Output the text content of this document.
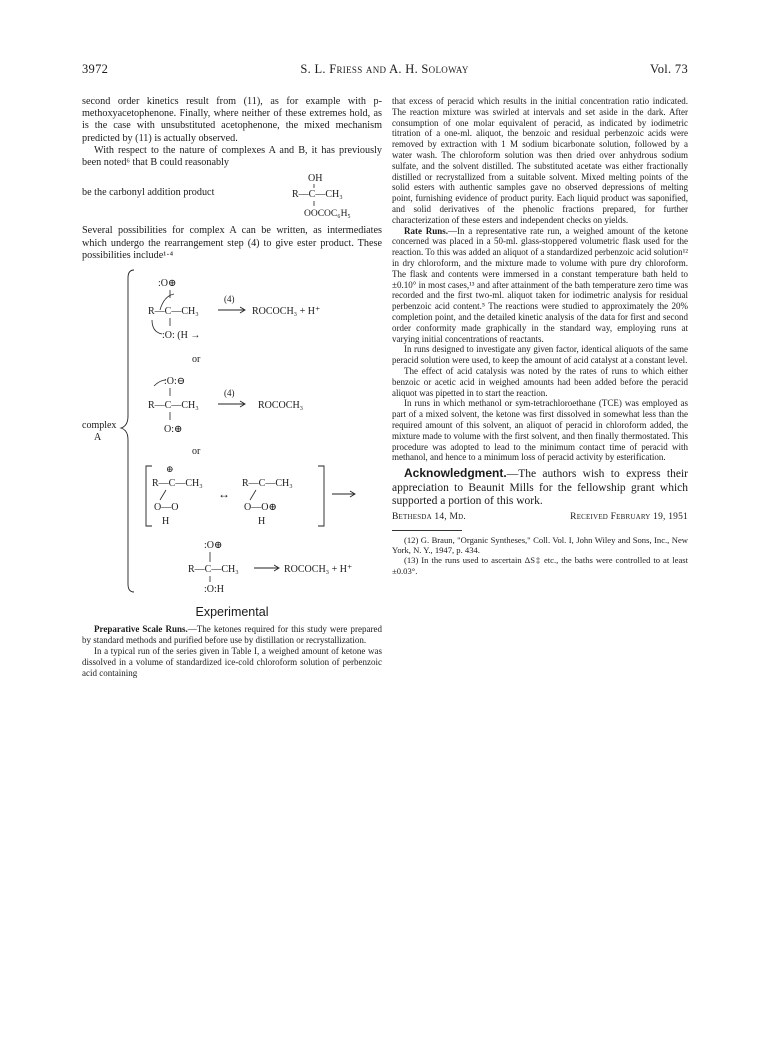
3972	S. L. Friess and A. H. Soloway	Vol. 73

second order kinetics result from (11), as for example with p-methoxyacetophenone. Finally, where neither of these extremes hold, as is the case with unsubstituted acetophenone, the mixed mechanism predicted by (11) is actually observed.

With respect to the nature of complexes A and B, it has previously been noted⁶ that B could reasonably

be the carbonyl addition product
OH
R—C—CH₃
OOCOC₆H₅

Several possibilities for complex A can be written, as intermediates which undergo the rearrangement step (4) to give ester product. These possibilities include¹·⁴

complex
A
:O⊕
R—C—CH₃
(4)
ROCOCH₃ + H⁺
:O: (H →
or
:O:⊖
R—C—CH₃
(4)
ROCOCH₃
O:⊕
or
⊕
R—C—CH₃
O—O
H
↔
R—C—CH₃
O—O⊕
H
:O⊕
R—C—CH₃	ROCOCH₃ + H⁺
:O:H
Experimental

Preparative Scale Runs.—The ketones required for this study were prepared by standard methods and purified before use by distillation or recrystallization.

In a typical run of the series given in Table I, a weighed amount of ketone was dissolved in a volume of standardized ice-cold chloroform solution of perbenzoic acid containing

that excess of peracid which results in the initial concentration ratio indicated. The reaction mixture was swirled at intervals and set aside in the dark. After consumption of one molar equivalent of peracid, as indicated by iodimetric titration of a one-ml. aliquot, the benzoic and residual perbenzoic acids were removed by extraction with 1 M sodium bicarbonate solution, followed by a water wash. The chloroform solution was then dried over anhydrous sodium sulfate, and the solvent distilled. The substituted acetate was either fractionally distilled or recrystallized from a suitable solvent. Mixed melting points of the solid esters with authentic samples gave no observed depressions of melting point, furnishing evidence of product purity. Each liquid product was saponified, and solid derivatives of the phenolic fractions prepared, for further characterization of these esters and independent checks on yields.

Rate Runs.—In a representative rate run, a weighed amount of the ketone concerned was placed in a 50-ml. glass-stoppered volumetric flask used for the reaction. To this was added an aliquot of a standardized perbenzoic acid solution¹² in dry chloroform, and the mixture made to volume with pure dry chloroform. The flask and contents were immersed in a constant temperature bath held to ±0.10° in most cases,¹³ and after attainment of the bath temperature zero time was recorded and the first two-ml. aliquot taken for iodimetric analysis for residual perbenzoic acid content.⁵ The reactions were studied to approximately the 20% completion point, and the detailed kinetic analysis of the data for first and second order conformity made graphically in the standard way, employing runs at varying initial concentrations of reactants.

In runs designed to investigate any given factor, identical aliquots of the same peracid solution were used, to keep the amount of acid catalyst at a constant level.

The effect of acid catalysis was noted by the rates of runs to which either benzoic or acetic acid in weighed amounts had been added before the peracid aliquot was pipetted in to start the reaction.

In runs in which methanol or sym-tetrachloroethane (TCE) was employed as part of a mixed solvent, the ketone was first dissolved in somewhat less than the required amount of this solvent, an aliquot of peracid in chloroform added, the mixture made to volume with the first solvent, and then finally thermostated. This procedure was adopted to lead to the minimum contact time of peracid with methanol, and hence to a minimum loss of peracid activity by esterification.

Acknowledgment.—The authors wish to express their appreciation to Beaunit Mills for the fellowship grant which supported a portion of this work.

Bethesda 14, Md.	Received February 19, 1951

(12) G. Braun, "Organic Syntheses," Coll. Vol. I, John Wiley and Sons, Inc., New York, N. Y., 1947, p. 434.

(13) In the runs used to ascertain ΔS‡ etc., the baths were controlled to at least ±0.03°.
